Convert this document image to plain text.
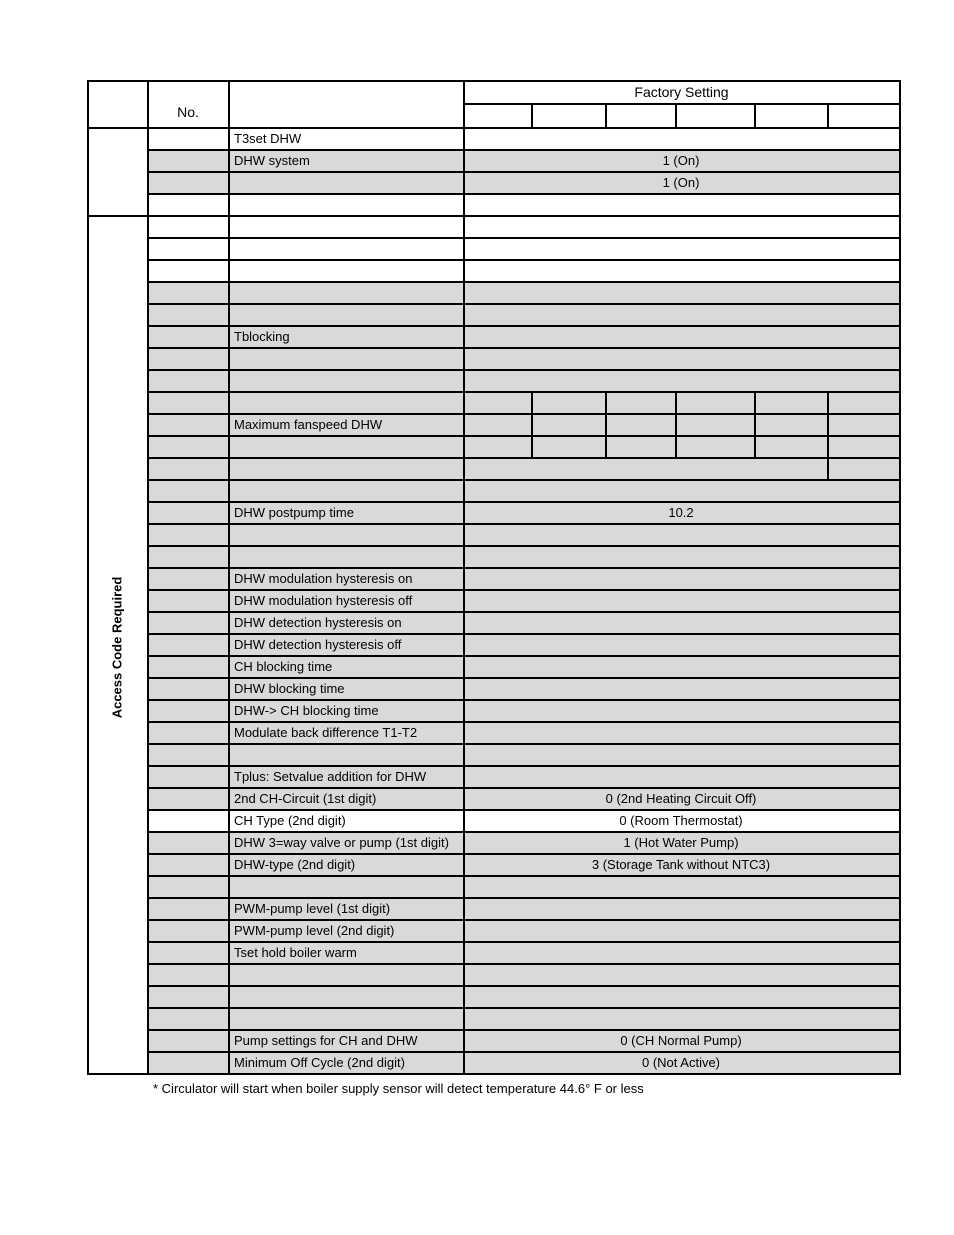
No.
Factory Setting
Access Code Required
* Circulator will start when boiler supply sensor will detect temperature 44.6° F or less
T3set DHW
DHW system	1 (On)
1 (On)
Tblocking
Maximum fanspeed DHW
DHW postpump time	10.2
DHW modulation hysteresis on
DHW modulation hysteresis off
DHW detection hysteresis on
DHW detection hysteresis off
CH blocking time
DHW blocking time
DHW-> CH blocking time
Modulate back difference T1-T2
Tplus: Setvalue addition for DHW
2nd CH-Circuit (1st digit)	0 (2nd Heating Circuit Off)
CH Type (2nd digit)	0 (Room Thermostat)
DHW 3=way valve or pump (1st digit)	1 (Hot Water Pump)
DHW-type (2nd digit)	3 (Storage Tank without NTC3)
PWM-pump level (1st digit)
PWM-pump level (2nd digit)
Tset hold boiler warm
Pump settings for CH and DHW	0 (CH Normal Pump)
Minimum Off Cycle (2nd digit)	0 (Not Active)
